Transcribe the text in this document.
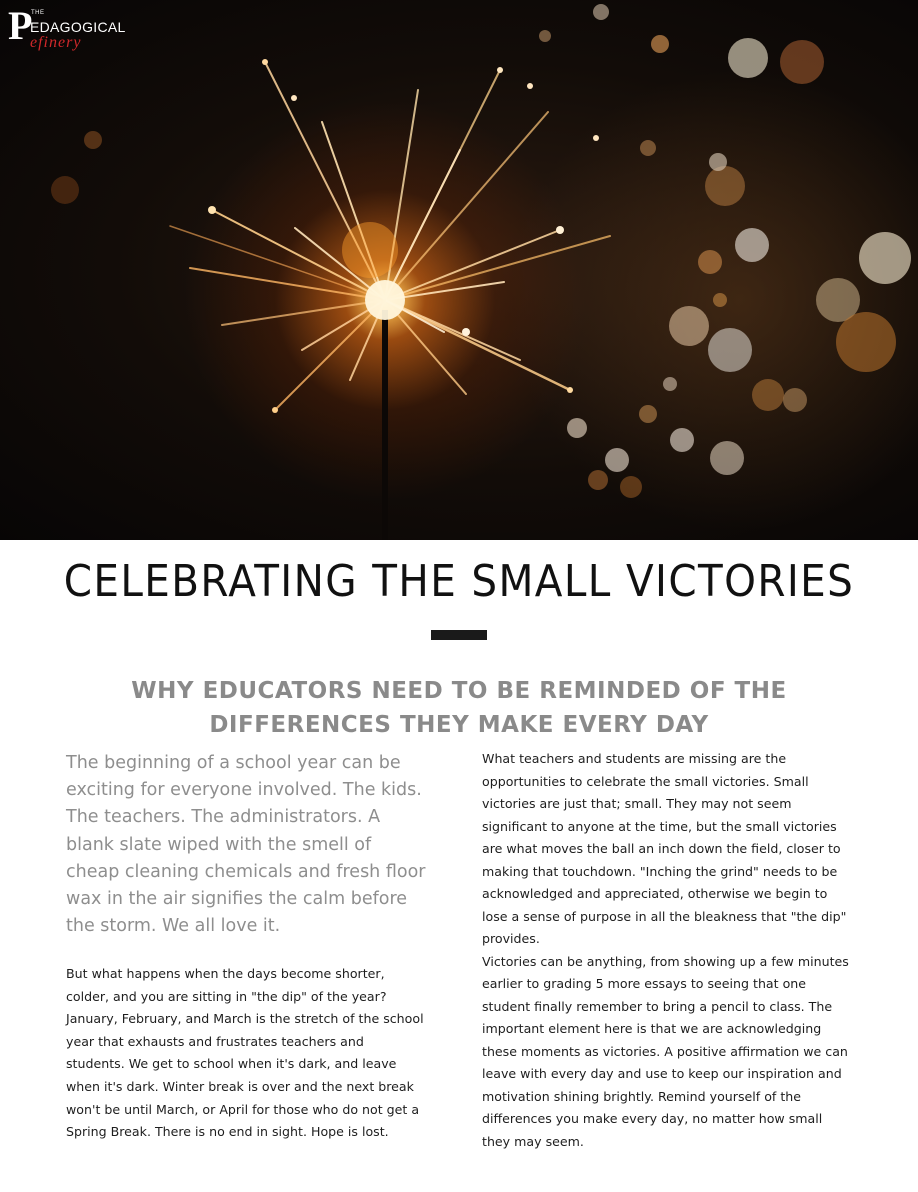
P
THE
EDAGOGICAL
efinery
CELEBRATING THE SMALL VICTORIES
WHY EDUCATORS NEED TO BE REMINDED OF THE DIFFERENCES THEY MAKE EVERY DAY

The beginning of a school year can be exciting for everyone involved. The kids. The teachers. The administrators. A blank slate wiped with the smell of cheap cleaning chemicals and fresh floor wax in the air signifies the calm before the storm. We all love it.

But what happens when the days become shorter, colder, and you are sitting in "the dip" of the year? January, February, and March is the stretch of the school year that exhausts and frustrates teachers and students. We get to school when it's dark, and leave when it's dark. Winter break is over and the next break won't be until March, or April for those who do not get a Spring Break. There is no end in sight. Hope is lost.

What teachers and students are missing are the opportunities to celebrate the small victories. Small victories are just that; small. They may not seem significant to anyone at the time, but the small victories are what moves the ball an inch down the field, closer to making that touchdown. "Inching the grind" needs to be acknowledged and appreciated, otherwise we begin to lose a sense of purpose in all the bleakness that "the dip" provides.

Victories can be anything, from showing up a few minutes earlier to grading 5 more essays to seeing that one student finally remember to bring a pencil to class. The important element here is that we are acknowledging these moments as victories. A positive affirmation we can leave with every day and use to keep our inspiration and motivation shining brightly. Remind yourself of the differences you make every day, no matter how small they may seem.
